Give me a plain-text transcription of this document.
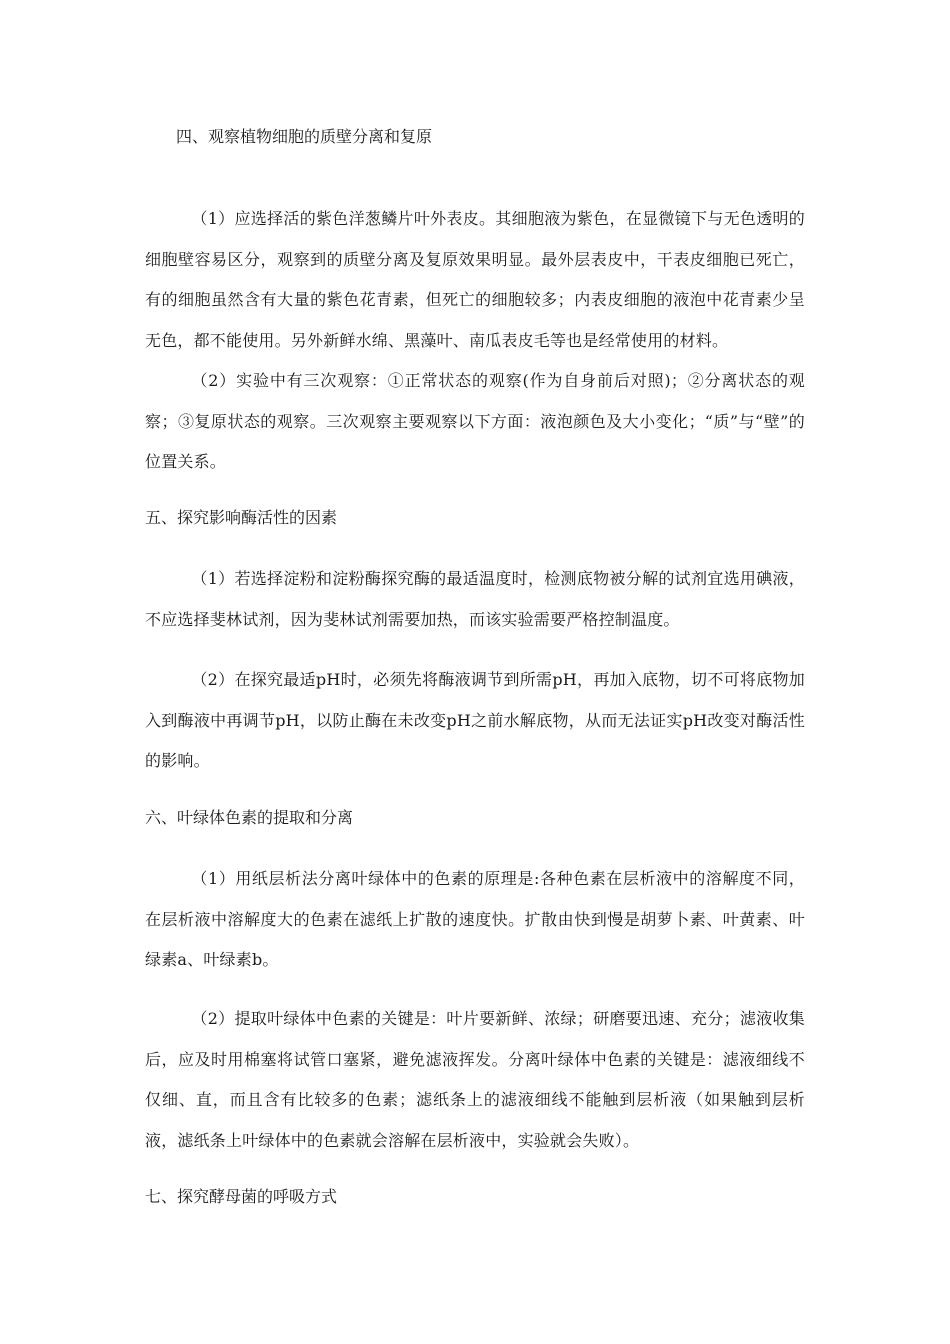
四、观察植物细胞的质壁分离和复原
（1）应选择活的紫色洋葱鳞片叶外表皮。其细胞液为紫色，在显微镜下与无色透明的细胞壁容易区分，观察到的质壁分离及复原效果明显。最外层表皮中，干表皮细胞已死亡，有的细胞虽然含有大量的紫色花青素，但死亡的细胞较多；内表皮细胞的液泡中花青素少呈无色，都不能使用。另外新鲜水绵、黑藻叶、南瓜表皮毛等也是经常使用的材料。
（2）实验中有三次观察：①正常状态的观察(作为自身前后对照)；②分离状态的观察；③复原状态的观察。三次观察主要观察以下方面：液泡颜色及大小变化；“质”与“壁”的位置关系。
五、探究影响酶活性的因素
（1）若选择淀粉和淀粉酶探究酶的最适温度时，检测底物被分解的试剂宜选用碘液，不应选择斐林试剂，因为斐林试剂需要加热，而该实验需要严格控制温度。
（2）在探究最适pH时，必须先将酶液调节到所需pH，再加入底物，切不可将底物加入到酶液中再调节pH，以防止酶在未改变pH之前水解底物，从而无法证实pH改变对酶活性的影响。
六、叶绿体色素的提取和分离
（1）用纸层析法分离叶绿体中的色素的原理是:各种色素在层析液中的溶解度不同，在层析液中溶解度大的色素在滤纸上扩散的速度快。扩散由快到慢是胡萝卜素、叶黄素、叶绿素a、叶绿素b。
（2）提取叶绿体中色素的关键是：叶片要新鲜、浓绿；研磨要迅速、充分；滤液收集后，应及时用棉塞将试管口塞紧，避免滤液挥发。分离叶绿体中色素的关键是：滤液细线不仅细、直，而且含有比较多的色素；滤纸条上的滤液细线不能触到层析液（如果触到层析液，滤纸条上叶绿体中的色素就会溶解在层析液中，实验就会失败）。
七、探究酵母菌的呼吸方式
